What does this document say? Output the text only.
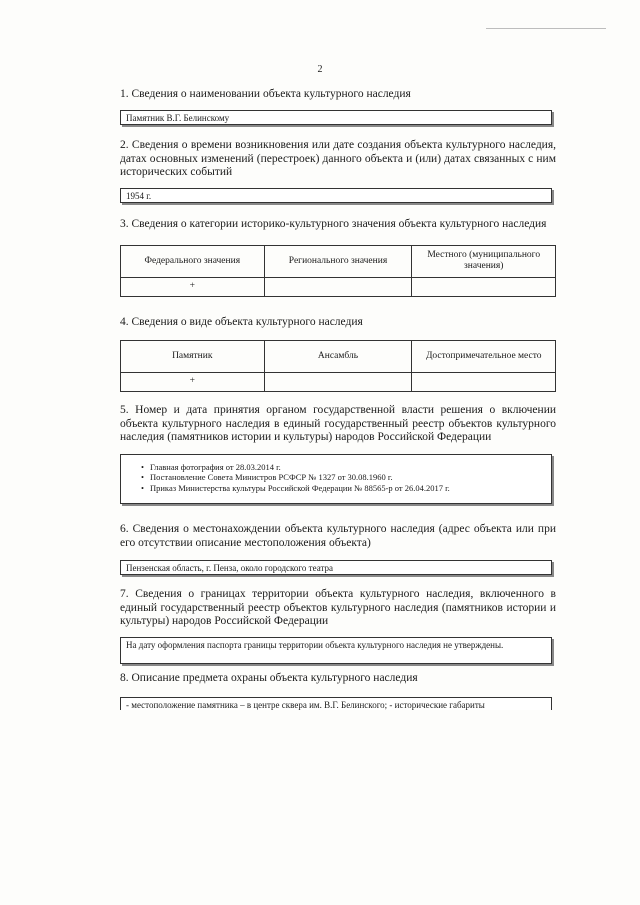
2

1. Сведения о наименовании объекта культурного наследия

Памятник В.Г. Белинскому

2. Сведения о времени возникновения или дате создания объекта культурного наследия, датах основных изменений (перестроек) данного объекта и (или) датах связанных с ним исторических событий

1954 г.

3. Сведения о категории историко-культурного значения объекта культурного наследия

Федерального значения	Регионального значения	Местного (муниципального значения)
+		

4. Сведения о виде объекта культурного наследия

Памятник	Ансамбль	Достопримечательное место
+		

5. Номер и дата принятия органом государственной власти решения о включении объекта культурного наследия в единый государственный реестр объектов культурного наследия (памятников истории и культуры) народов Российской Федерации

• Главная фотография от 28.03.2014 г.
• Постановление Совета Министров РСФСР № 1327 от 30.08.1960 г.
• Приказ Министерства культуры Российской Федерации № 88565-р от 26.04.2017 г.

6. Сведения о местонахождении объекта культурного наследия (адрес объекта или при его отсутствии описание местоположения объекта)

Пензенская область, г. Пенза, около городского театра

7. Сведения о границах территории объекта культурного наследия, включенного в единый государственный реестр объектов культурного наследия (памятников истории и культуры) народов Российской Федерации

На дату оформления паспорта границы территории объекта культурного наследия не утверждены.

8. Описание предмета охраны объекта культурного наследия

- местоположение памятника – в центре сквера им. В.Г. Белинского; - исторические габариты
